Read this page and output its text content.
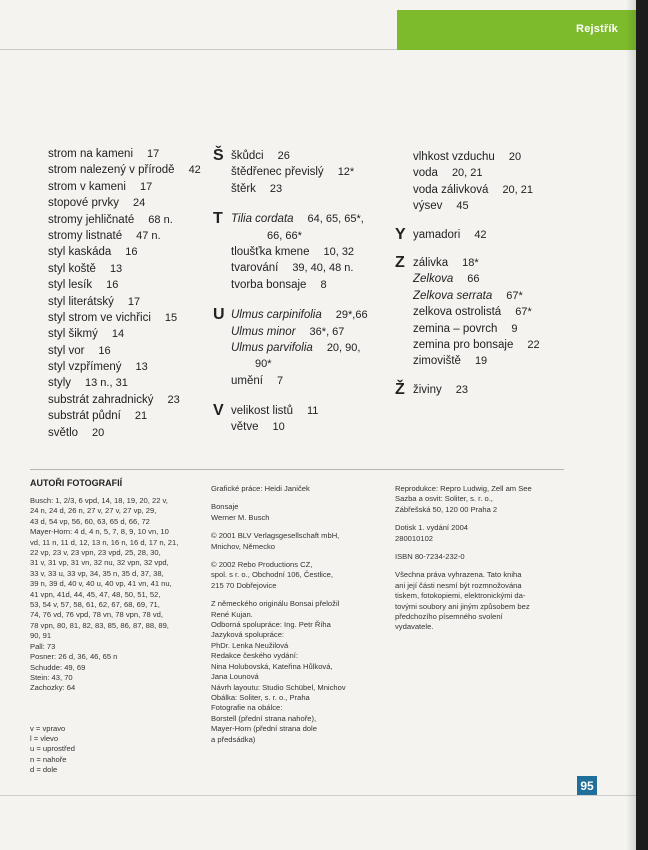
Rejstřík
strom na kameni 17
strom nalezený v přírodě 42
strom v kameni 17
stopové prvky 24
stromy jehličnaté 68 n.
stromy listnaté 47 n.
styl kaskáda 16
styl koště 13
styl lesík 16
styl literátský 17
styl strom ve vichřici 15
styl šikmý 14
styl vor 16
styl vzpřímený 13
styly 13 n., 31
substrát zahradnický 23
substrát půdní 21
světlo 20
Š škůdci 26
štědřenec převislý 12*
štěrk 23
T Tilia cordata 64, 65, 65*,
66, 66*
tloušťka kmene 10, 32
tvarování 39, 40, 48 n.
tvorba bonsaje 8
U Ulmus carpinifolia 29*,66
Ulmus minor 36*, 67
Ulmus parvifolia 20, 90,
90*
umění 7
V velikost listů 11
větve 10
vlhkost vzduchu 20
voda 20, 21
voda zálivková 20, 21
výsev 45
Y yamadori 42
Z zálivka 18*
Zelkova 66
Zelkova serrata 67*
zelkova ostrolistá 67*
zemina – povrch 9
zemina pro bonsaje 22
zimoviště 19
Ž živiny 23
AUTOŘI FOTOGRAFIÍ
Busch: 1, 2/3, 6 vpd, 14, 18, 19, 20, 22 v,
24 n, 24 d, 26 n, 27 v, 27 v, 27 vp, 29,
43 d, 54 vp, 56, 60, 63, 65 d, 66, 72
Mayer-Horn: 4 d, 4 n, 5, 7, 8, 9, 10 vn, 10
vd, 11 n, 11 d, 12, 13 n, 16 n, 16 d, 17 n, 21,
22 vp, 23 v, 23 vpn, 23 vpd, 25, 28, 30,
31 v, 31 vp, 31 vn, 32 nu, 32 vpn, 32 vpd,
33 v, 33 u, 33 vp, 34, 35 n, 35 d, 37, 38,
39 n, 39 d, 40 v, 40 u, 40 vp, 41 vn, 41 nu,
41 vpn, 41d, 44, 45, 47, 48, 50, 51, 52,
53, 54 v, 57, 58, 61, 62, 67, 68, 69, 71,
74, 76 vd, 76 vpd, 78 vn, 78 vpn, 78 vd,
78 vpn, 80, 81, 82, 83, 85, 86, 87, 88, 89,
90, 91
Pall: 73
Posner: 26 d, 36, 46, 65 n
Schudde: 49, 69
Stein: 43, 70
Zachozky: 64
v = vpravo
l = vlevo
u = uprostřed
n = nahoře
d = dole
Grafické práce: Heidi Janiček
Bonsaje
Werner M. Busch
© 2001 BLV Verlagsgesellschaft mbH,
Mnichov, Německo
© 2002 Rebo Productions CZ,
spol. s r. o., Obchodní 106, Čestlice,
215 70 Dobřejovice
Z německého originálu Bonsai přeložil
René Kujan.
Odborná spolupráce: Ing. Petr Říha
Jazyková spolupráce:
PhDr. Lenka Neužilová
Redakce českého vydání:
Nina Holubovská, Kateřina Hůlková,
Jana Lounová
Návrh layoutu: Studio Schübel, Mnichov
Obálka: Soliter, s. r. o., Praha
Fotografie na obálce:
Borstell (přední strana nahoře),
Mayer-Horn (přední strana dole
a předsádka)
Reprodukce: Repro Ludwig, Zell am See
Sazba a osvit: Soliter, s. r. o.,
Zábřešská 50, 120 00 Praha 2
Dotisk 1. vydání 2004
280010102
ISBN 80-7234-232-0
Všechna práva vyhrazena. Tato kniha
ani její části nesmí být rozmnožována
tiskem, fotokopiemi, elektronickými da-
tovými soubory ani jiným způsobem bez
předchozího písemného svolení
vydavatele.
95
